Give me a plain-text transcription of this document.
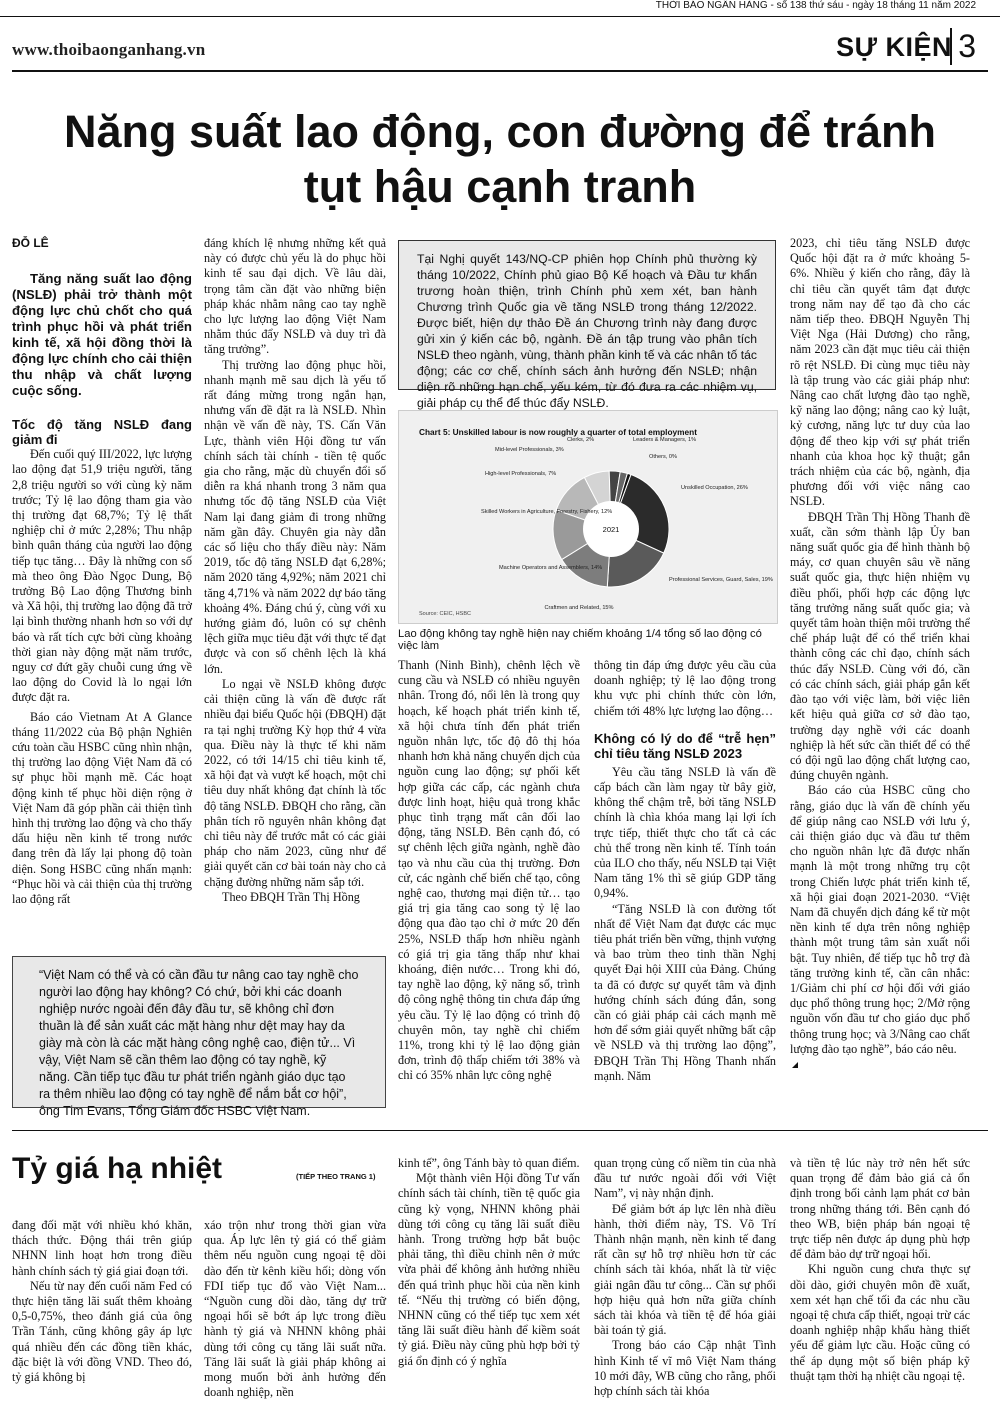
THỜI BÁO NGÂN HÀNG - số 138 thứ sáu - ngày 18 tháng 11 năm 2022
www.thoibaonganhang.vn	SỰ KIỆN 3
Năng suất lao động, con đường để tránh
tụt hậu cạnh tranh
ĐỖ LÊ
Tăng năng suất lao động (NSLĐ) phải trở thành một động lực chủ chốt cho quá trình phục hồi và phát triển kinh tế, xã hội đồng thời là động lực chính cho cải thiện thu nhập và chất lượng cuộc sống.
Tốc độ tăng NSLĐ đang giảm đi

Đến cuối quý III/2022, lực lượng lao động đạt 51,9 triệu người, tăng 2,8 triệu người so với cùng kỳ năm trước; Tỷ lệ lao động tham gia vào thị trường đạt 68,7%; Tỷ lệ thất nghiệp chỉ ở mức 2,28%; Thu nhập bình quân tháng của người lao động tiếp tục tăng… Đây là những con số mà theo ông Đào Ngọc Dung, Bộ trưởng Bộ Lao động Thương binh và Xã hội, thị trường lao động đã trở lại bình thường nhanh hơn so với dự báo và rất tích cực bởi cùng khoảng thời gian này động mặt năm trước, nguy cơ đứt gãy chuỗi cung ứng về lao động do Covid là lo ngại lớn được đặt ra.

Báo cáo Vietnam At A Glance tháng 11/2022 của Bộ phận Nghiên cứu toàn cầu HSBC cũng nhìn nhận, thị trường lao động Việt Nam đã có sự phục hồi mạnh mẽ. Các hoạt động kinh tế phục hồi diện rộng ở Việt Nam đã góp phần cải thiện tình hình thị trường lao động và cho thấy dấu hiệu nền kinh tế trong nước đang trên đà lấy lại phong độ toàn diện. Song HSBC cũng nhấn mạnh: “Phục hồi và cải thiện của thị trường lao động rất

đáng khích lệ nhưng những kết quả này có được chủ yếu là do phục hồi kinh tế sau đại dịch. Về lâu dài, trọng tâm cần đặt vào những biện pháp khác nhằm nâng cao tay nghề cho lực lượng lao động Việt Nam nhằm thúc đẩy NSLĐ và duy trì đà tăng trưởng”.

Thị trường lao động phục hồi, nhanh mạnh mẽ sau dịch là yếu tố rất đáng mừng trong ngắn hạn, nhưng vấn đề đặt ra là NSLĐ. Nhìn nhận về vấn đề này, TS. Cấn Văn Lực, thành viên Hội đồng tư vấn chính sách tài chính - tiền tệ quốc gia cho rằng, mặc dù chuyển đổi số diễn ra khá nhanh trong 3 năm qua nhưng tốc độ tăng NSLĐ của Việt Nam lại đang giảm đi trong những năm gần đây. Chuyên gia này dẫn các số liệu cho thấy điều này: Năm 2019, tốc độ tăng NSLĐ đạt 6,28%; năm 2020 tăng 4,92%; năm 2021 chỉ tăng 4,71% và năm 2022 dự báo tăng khoảng 4%. Đáng chú ý, cùng với xu hướng giảm đó, luôn có sự chênh lệch giữa mục tiêu đặt với thực tế đạt được và con số chênh lệch là khá lớn.

Lo ngại về NSLĐ không được cải thiện cũng là vấn đề được rất nhiều đại biểu Quốc hội (ĐBQH) đặt ra tại nghị trường Kỳ họp thứ 4 vừa qua. Điều này là thực tế khi năm 2022, có tới 14/15 chỉ tiêu kinh tế, xã hội đạt và vượt kế hoạch, một chỉ tiêu duy nhất không đạt chính là tốc độ tăng NSLĐ. ĐBQH cho rằng, cần phân tích rõ nguyên nhân không đạt chỉ tiêu này để trước mắt có các giải pháp cho năm 2023, cũng như để giải quyết căn cơ bài toán này cho cả chặng đường những năm sắp tới.

Theo ĐBQH Trần Thị Hồng

Tại Nghị quyết 143/NQ-CP phiên họp Chính phủ thường kỳ tháng 10/2022, Chính phủ giao Bộ Kế hoạch và Đầu tư khẩn trương hoàn thiện, trình Chính phủ xem xét, ban hành Chương trình Quốc gia về tăng NSLĐ trong tháng 12/2022. Được biết, hiện dự thảo Đề án Chương trình này đang được gửi xin ý kiến các bộ, ngành. Đề án tập trung vào phân tích NSLĐ theo ngành, vùng, thành phần kinh tế và các nhân tố tác động; các cơ chế, chính sách ảnh hưởng đến NSLĐ; nhận diện rõ những hạn chế, yếu kém, từ đó đưa ra các nhiệm vụ, giải pháp cụ thể để thúc đẩy NSLĐ.
Chart 5: Unskilled labour is now roughly a quarter of total employment
2021
Unskilled Occupation, 26%
Professional Services, Guard, Sales, 19%
Craftmen and Related, 15%
Machine Operators and Assemblers, 14%
Skilled Workers in Agriculture, Forestry, Fishery, 12%
High-level Professionals, 7%
Mid-level Professionals, 3%
Clerks, 2%	Leaders & Managers, 1%
Others, 0%
Source: CEIC, HSBC
Lao động không tay nghề hiện nay chiếm khoảng 1/4 tổng số lao động có việc làm

Thanh (Ninh Bình), chênh lệch về cung cầu và NSLĐ có nhiều nguyên nhân. Trong đó, nổi lên là trong quy hoạch, kế hoạch phát triển kinh tế, xã hội chưa tính đến phát triển nguồn nhân lực, tốc độ đô thị hóa nhanh hơn khả năng chuyển dịch của nguồn cung lao động; sự phối kết hợp giữa các cấp, các ngành chưa được linh hoạt, hiệu quả trong khắc phục tình trạng mất cân đối lao động, tăng NSLĐ. Bên cạnh đó, có sự chênh lệch giữa ngành, nghề đào tạo và nhu cầu của thị trường. Đơn cử, các ngành chế biến chế tạo, công nghệ cao, thương mại điện tử… tạo giá trị gia tăng cao song tỷ lệ lao động qua đào tạo chỉ ở mức 20 đến 25%, NSLĐ thấp hơn nhiều ngành có giá trị gia tăng thấp như khai khoáng, điện nước… Trong khi đó, tay nghề lao động, kỹ năng số, trình độ công nghệ thông tin chưa đáp ứng yêu cầu. Tỷ lệ lao động có trình độ chuyên môn, tay nghề chỉ chiếm 11%, trong khi tỷ lệ lao động giản đơn, trình độ thấp chiếm tới 38% và chỉ có 35% nhân lực công nghệ

thông tin đáp ứng được yêu cầu của doanh nghiệp; tỷ lệ lao động trong khu vực phi chính thức còn lớn, chiếm tới 48% lực lượng lao động…

Không có lý do để “trễ hẹn” chỉ tiêu tăng NSLĐ 2023

Yêu cầu tăng NSLĐ là vấn đề cấp bách cần làm ngay từ bây giờ, không thể chậm trễ, bởi tăng NSLĐ chính là chìa khóa mang lại lợi ích trực tiếp, thiết thực cho tất cả các chủ thể trong nền kinh tế. Tính toán của ILO cho thấy, nếu NSLĐ tại Việt Nam tăng 1% thì sẽ giúp GDP tăng 0,94%.

“Tăng NSLĐ là con đường tốt nhất để Việt Nam đạt được các mục tiêu phát triển bền vững, thịnh vượng và bao trùm theo tinh thần Nghị quyết Đại hội XIII của Đảng. Chúng ta đã có được sự quyết tâm và định hướng chính sách đúng đắn, song cần có giải pháp cải cách mạnh mẽ hơn để sớm giải quyết những bất cập về NSLĐ và thị trường lao động”, ĐBQH Trần Thị Hồng Thanh nhấn mạnh. Năm

2023, chỉ tiêu tăng NSLĐ được Quốc hội đặt ra ở mức khoảng 5-6%. Nhiều ý kiến cho rằng, đây là chỉ tiêu cần quyết tâm đạt được trong năm nay để tạo đà cho các năm tiếp theo. ĐBQH Nguyễn Thị Việt Nga (Hải Dương) cho rằng, năm 2023 cần đặt mục tiêu cải thiện rõ rệt NSLĐ. Đi cùng mục tiêu này là tập trung vào các giải pháp như: Nâng cao chất lượng đào tạo nghề, kỹ năng lao động; nâng cao kỷ luật, kỷ cương, năng lực tư duy của lao động để theo kịp với sự phát triển nhanh của khoa học kỹ thuật; gắn trách nhiệm của các bộ, ngành, địa phương đối với việc nâng cao NSLĐ.

ĐBQH Trần Thị Hồng Thanh đề xuất, cần sớm thành lập Ủy ban năng suất quốc gia để hình thành bộ máy, cơ quan chuyên sâu về năng suất quốc gia, thực hiện nhiệm vụ điều phối, phối hợp các động lực tăng trưởng năng suất quốc gia; và quyết tâm hoàn thiện môi trường thể chế pháp luật để có thể triển khai thành công các chỉ đạo, chính sách thúc đẩy NSLĐ. Cùng với đó, cần có các chính sách, giải pháp gắn kết đào tạo với việc làm, bởi việc liên kết hiệu quả giữa cơ sở đào tạo, trường dạy nghề với các doanh nghiệp là hết sức cần thiết để có thể có đội ngũ lao động chất lượng cao, đúng chuyên ngành.

Báo cáo của HSBC cũng cho rằng, giáo dục là vấn đề chính yếu để giúp nâng cao NSLĐ với lưu ý, cải thiện giáo dục và đầu tư thêm cho nguồn nhân lực đã được nhấn mạnh là một trong những trụ cột trong Chiến lược phát triển kinh tế, xã hội giai đoạn 2021-2030. “Việt Nam đã chuyển dịch đáng kể từ một nền kinh tế dựa trên nông nghiệp thành một trung tâm sản xuất nổi bật. Tuy nhiên, để tiếp tục hỗ trợ đà tăng trưởng kinh tế, cần cân nhắc: 1/Giảm chi phí cơ hội đối với giáo dục phổ thông trung học; 2/Mở rộng nguồn vốn đầu tư cho giáo dục phổ thông trung học; và 3/Nâng cao chất lượng đào tạo nghề”, báo cáo nêu.

“Việt Nam có thể và có cần đầu tư nâng cao tay nghề cho người lao động hay không? Có chứ, bởi khi các doanh nghiệp nước ngoài đến đây đầu tư, sẽ không chỉ đơn thuần là để sản xuất các mặt hàng như dệt may hay da giày mà còn là các mặt hàng công nghệ cao, điện tử... Vì vậy, Việt Nam sẽ cần thêm lao động có tay nghề, kỹ năng. Cần tiếp tục đầu tư phát triển ngành giáo dục tạo ra thêm nhiều lao động có tay nghề để nắm bắt cơ hội”, ông Tim Evans, Tổng Giám đốc HSBC Việt Nam.
Tỷ giá hạ nhiệt	(TIẾP THEO TRANG 1)

đang đối mặt với nhiều khó khăn, thách thức. Động thái trên giúp NHNN linh hoạt hơn trong điều hành chính sách tỷ giá giai đoạn tới.

Nếu từ nay đến cuối năm Fed có thực hiện tăng lãi suất thêm khoảng 0,5-0,75%, theo đánh giá của ông Trần Tánh, cũng không gây áp lực quá nhiều đến các đồng tiền khác, đặc biệt là với đồng VND. Theo đó, tỷ giá không bị

xáo trộn như trong thời gian vừa qua. Áp lực lên tỷ giá có thể giảm thêm nếu nguồn cung ngoại tệ dồi dào đến từ kênh kiều hối; dòng vốn FDI tiếp tục đổ vào Việt Nam... “Nguồn cung dồi dào, tăng dự trữ ngoại hối sẽ bớt áp lực trong điều hành tỷ giá và NHNN không phải dùng tới công cụ tăng lãi suất nữa. Tăng lãi suất là giải pháp không ai mong muốn bởi ảnh hưởng đến doanh nghiệp, nền

kinh tế”, ông Tánh bày tỏ quan điểm.

Một thành viên Hội đồng Tư vấn chính sách tài chính, tiền tệ quốc gia cũng kỳ vọng, NHNN không phải dùng tới công cụ tăng lãi suất điều hành. Trong trường hợp bắt buộc phải tăng, thì điều chỉnh nên ở mức vừa phải để không ảnh hưởng nhiều đến quá trình phục hồi của nền kinh tế. “Nếu thị trường có biến động, NHNN cũng có thể tiếp tục xem xét tăng lãi suất điều hành để kiềm soát tỷ giá. Điều này cũng phù hợp bởi tỷ giá ổn định có ý nghĩa

quan trọng củng cố niềm tin của nhà đầu tư nước ngoài đối với Việt Nam”, vị này nhận định.

Để giảm bớt áp lực lên nhà điều hành, thời điểm này, TS. Võ Trí Thành nhận mạnh, nền kinh tế đang rất cần sự hỗ trợ nhiều hơn từ các chính sách tài khóa, nhất là từ việc giải ngân đầu tư công... Cần sự phối hợp hiệu quả hơn nữa giữa chính sách tài khóa và tiền tệ để hóa giải bài toán tỷ giá.

Trong báo cáo Cập nhật Tình hình Kinh tế vĩ mô Việt Nam tháng 10 mới đây, WB cũng cho rằng, phối hợp chính sách tài khóa

và tiền tệ lúc này trở nên hết sức quan trọng để đảm bảo giá cả ổn định trong bối cảnh lạm phát cơ bản trong những tháng tới. Bên cạnh đó theo WB, biện pháp bán ngoại tệ trực tiếp nên được áp dụng phù hợp để đảm bảo dự trữ ngoại hối.

Khi nguồn cung chưa thực sự dồi dào, giới chuyên môn đề xuất, xem xét hạn chế tối đa các nhu cầu ngoại tệ chưa cấp thiết, ngoại trừ các doanh nghiệp nhập khẩu hàng thiết yếu để giảm lực cầu. Hoặc cũng có thể áp dụng một số biện pháp kỹ thuật tạm thời hạ nhiệt cầu ngoại tệ.
